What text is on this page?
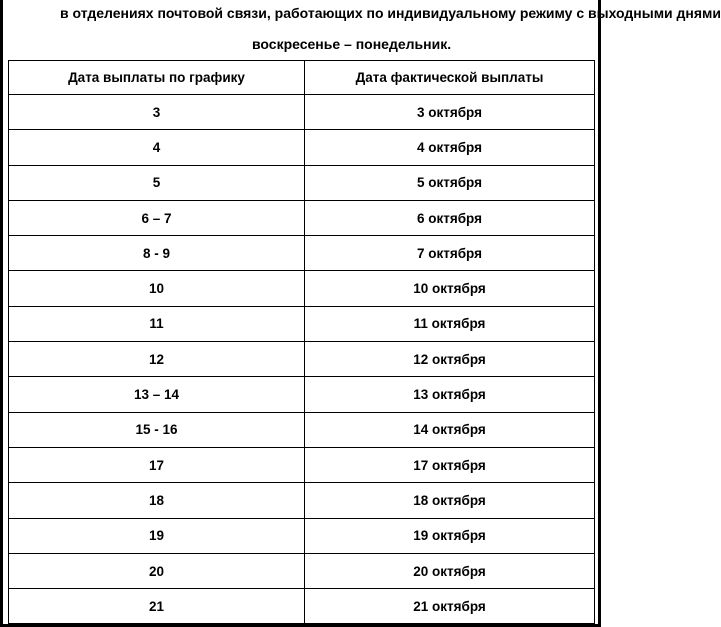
в отделениях почтовой связи, работающих по индивидуальному режиму с выходными днями
воскресенье – понедельник.
Дата выплаты по графику	Дата фактической выплаты
3	3 октября
4	4 октября
5	5 октября
6 – 7	6 октября
8 - 9	7 октября
10	10 октября
11	11 октября
12	12 октября
13 – 14	13 октября
15 - 16	14 октября
17	17 октября
18	18 октября
19	19 октября
20	20 октября
21	21 октября
